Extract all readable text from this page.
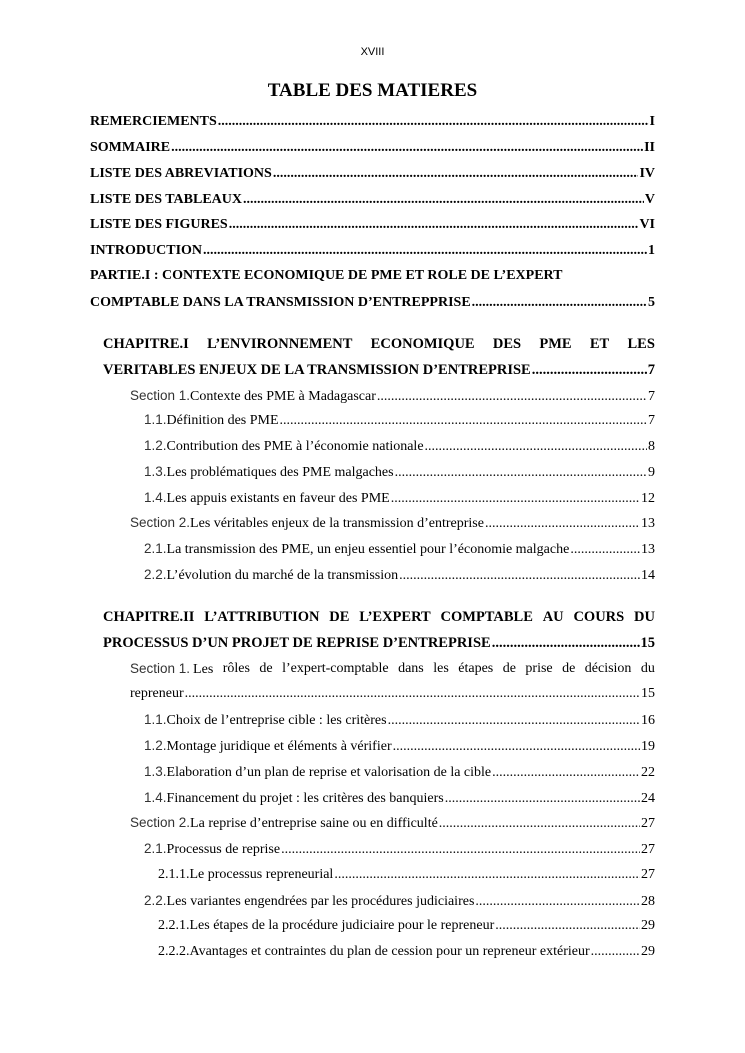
XVIII
TABLE DES MATIERES
REMERCIEMENTS .....	I
SOMMAIRE .....	II
LISTE DES ABREVIATIONS .....	IV
LISTE DES TABLEAUX .....	V
LISTE DES FIGURES .....	VI
INTRODUCTION .....	1
PARTIE.I : CONTEXTE ECONOMIQUE DE PME ET ROLE DE L’EXPERT
COMPTABLE DANS LA TRANSMISSION D’ENTREPPRISE .....	5
CHAPITRE.I L’ENVIRONNEMENT ECONOMIQUE DES PME ET LES
VERITABLES ENJEUX DE LA TRANSMISSION D’ENTREPRISE .....	7
Section 1. Contexte des PME à Madagascar .....	7
1.1. Définition des PME .....	7
1.2. Contribution des PME à l’économie nationale .....	8
1.3. Les problématiques des PME malgaches .....	9
1.4. Les appuis existants en faveur des PME .....	12
Section 2. Les véritables enjeux de la transmission d’entreprise .....	13
2.1. La transmission des PME, un enjeu essentiel pour l’économie malgache .....	13
2.2. L’évolution du marché de la transmission .....	14
CHAPITRE.II L’ATTRIBUTION DE L’EXPERT COMPTABLE AU COURS DU
PROCESSUS D’UN PROJET DE REPRISE D’ENTREPRISE .....	15
Section 1. Les rôles de l’expert-comptable dans les étapes de prise de décision du
repreneur .....	15
1.1. Choix de l’entreprise cible : les critères .....	16
1.2. Montage juridique et éléments à vérifier .....	19
1.3. Elaboration d’un plan de reprise et valorisation de la cible .....	22
1.4. Financement du projet : les critères des banquiers .....	24
Section 2. La reprise d’entreprise saine ou en difficulté .....	27
2.1. Processus de reprise .....	27
2.1.1.Le processus repreneurial .....	27
2.2. Les variantes engendrées par les procédures judiciaires .....	28
2.2.1.Les étapes de la procédure judiciaire pour le repreneur .....	29
2.2.2.Avantages et contraintes du plan de cession pour un repreneur extérieur .....	29
